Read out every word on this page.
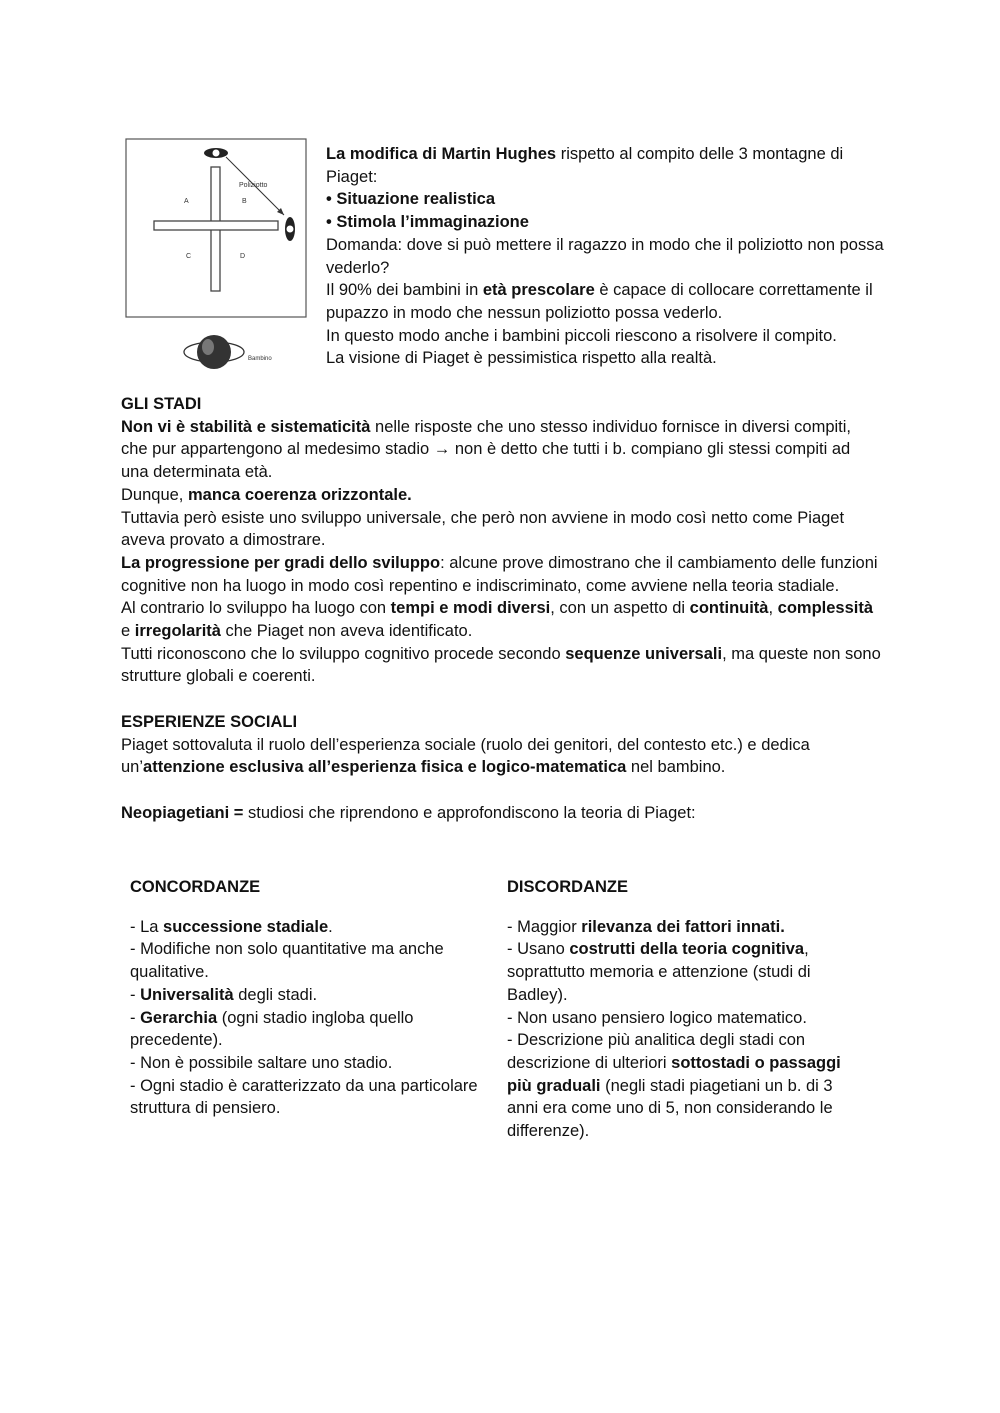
Poliziotto
A	B
C	D
Bambino

La modifica di Martin Hughes rispetto al compito delle 3 montagne di Piaget:

• Situazione realistica

• Stimola l’immaginazione

Domanda: dove si può mettere il ragazzo in modo che il poliziotto non possa vederlo?

Il 90% dei bambini in età prescolare è capace di collocare correttamente il pupazzo in modo che nessun poliziotto possa vederlo.

In questo modo anche i bambini piccoli riescono a risolvere il compito.

La visione di Piaget è pessimistica rispetto alla realtà.

GLI STADI

Non vi è stabilità e sistematicità nelle risposte che uno stesso individuo fornisce in diversi compiti, che pur appartengono al medesimo stadio → non è detto che tutti i b. compiano gli stessi compiti ad una determinata età.

Dunque, manca coerenza orizzontale.

Tuttavia però esiste uno sviluppo universale, che però non avviene in modo così netto come Piaget aveva provato a dimostrare.

La progressione per gradi dello sviluppo: alcune prove dimostrano che il cambiamento delle funzioni cognitive non ha luogo in modo così repentino e indiscriminato, come avviene nella teoria stadiale.

Al contrario lo sviluppo ha luogo con tempi e modi diversi, con un aspetto di continuità, complessità e irregolarità che Piaget non aveva identificato.

Tutti riconoscono che lo sviluppo cognitivo procede secondo sequenze universali, ma queste non sono strutture globali e coerenti.

ESPERIENZE SOCIALI

Piaget sottovaluta il ruolo dell’esperienza sociale (ruolo dei genitori, del contesto etc.) e dedica un’attenzione esclusiva all’esperienza fisica e logico-matematica nel bambino.

Neopiagetiani = studiosi che riprendono e approfondiscono la teoria di Piaget:

CONCORDANZE

- La successione stadiale.

- Modifiche non solo quantitative ma anche qualitative.

- Universalità degli stadi.

- Gerarchia (ogni stadio ingloba quello precedente).

- Non è possibile saltare uno stadio.

- Ogni stadio è caratterizzato da una particolare struttura di pensiero.

DISCORDANZE

- Maggior rilevanza dei fattori innati.

- Usano costrutti della teoria cognitiva, soprattutto memoria e attenzione (studi di Badley).

- Non usano pensiero logico matematico.

- Descrizione più analitica degli stadi con descrizione di ulteriori sottostadi o passaggi più graduali (negli stadi piagetiani un b. di 3 anni era come uno di 5, non considerando le differenze).
